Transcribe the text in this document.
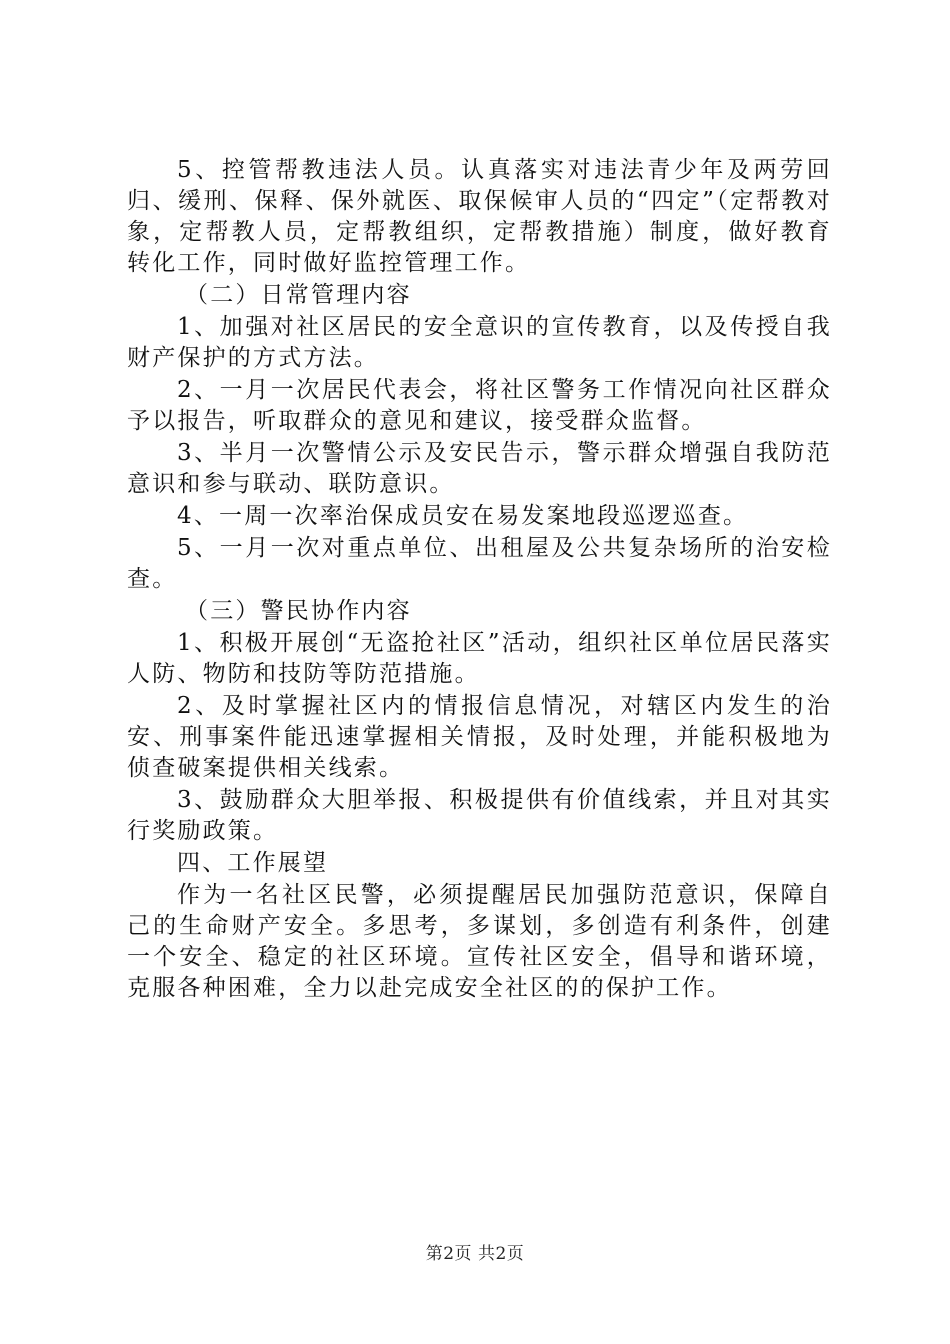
5、控管帮教违法人员。认真落实对违法青少年及两劳回归、缓刑、保释、保外就医、取保候审人员的“四定”（定帮教对象，定帮教人员，定帮教组织，定帮教措施）制度，做好教育转化工作，同时做好监控管理工作。

（二）日常管理内容

1、加强对社区居民的安全意识的宣传教育，以及传授自我财产保护的方式方法。

2、一月一次居民代表会，将社区警务工作情况向社区群众予以报告，听取群众的意见和建议，接受群众监督。

3、半月一次警情公示及安民告示，警示群众增强自我防范意识和参与联动、联防意识。

4、一周一次率治保成员安在易发案地段巡逻巡查。

5、一月一次对重点单位、出租屋及公共复杂场所的治安检查。

（三）警民协作内容

1、积极开展创“无盗抢社区”活动，组织社区单位居民落实人防、物防和技防等防范措施。

2、及时掌握社区内的情报信息情况，对辖区内发生的治安、刑事案件能迅速掌握相关情报，及时处理，并能积极地为侦查破案提供相关线索。

3、鼓励群众大胆举报、积极提供有价值线索，并且对其实行奖励政策。

四、工作展望

作为一名社区民警，必须提醒居民加强防范意识，保障自己的生命财产安全。多思考，多谋划，多创造有利条件，创建一个安全、稳定的社区环境。宣传社区安全，倡导和谐环境，克服各种困难，全力以赴完成安全社区的的保护工作。

第2页 共2页
